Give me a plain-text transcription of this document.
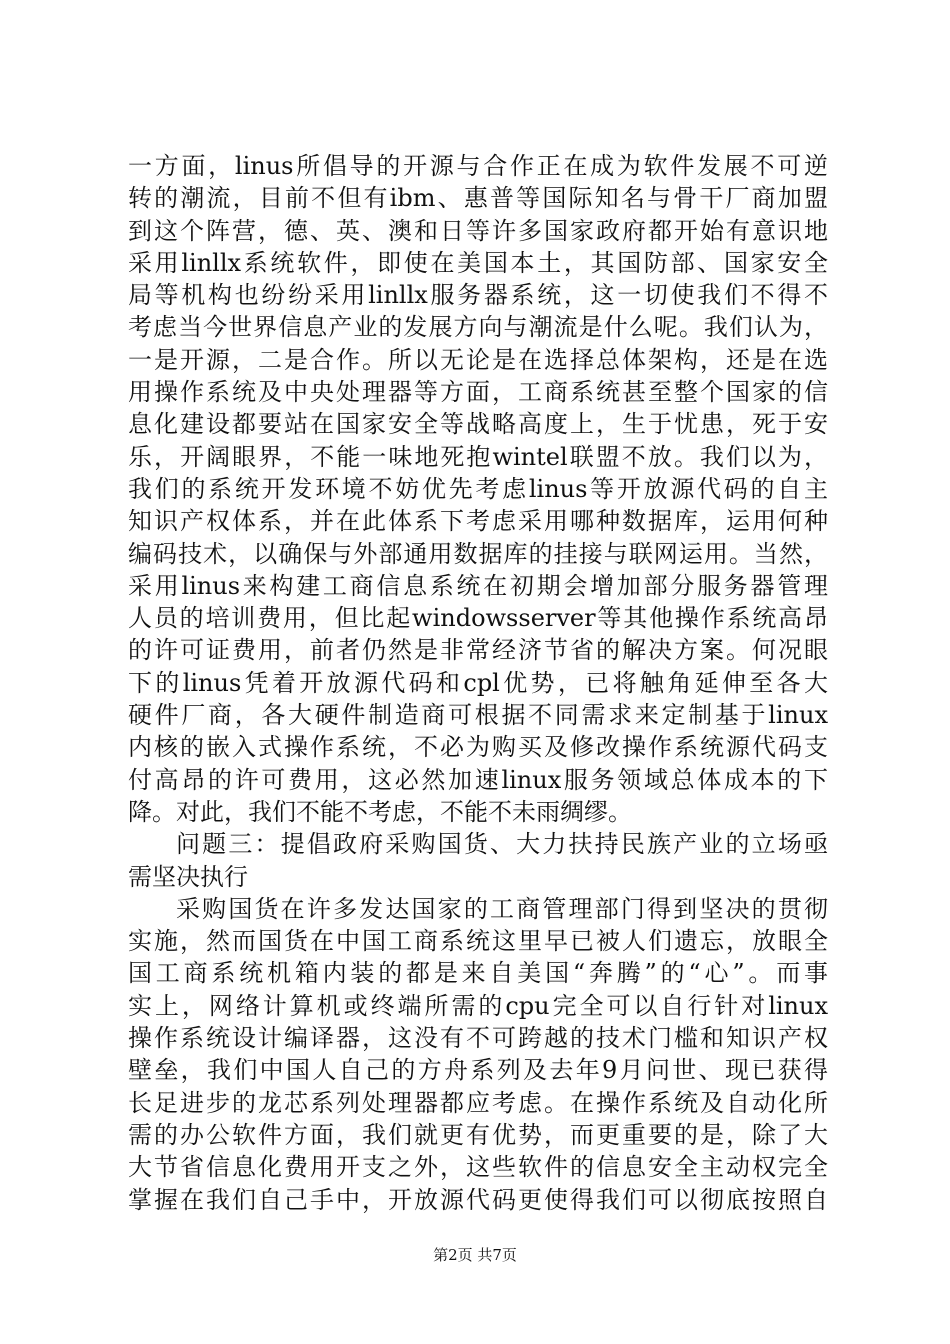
一方面，linus所倡导的开源与合作正在成为软件发展不可逆
转的潮流，目前不但有ibm、惠普等国际知名与骨干厂商加盟
到这个阵营，德、英、澳和日等许多国家政府都开始有意识地
采用linllx系统软件，即使在美国本土，其国防部、国家安全
局等机构也纷纷采用linllx服务器系统，这一切使我们不得不
考虑当今世界信息产业的发展方向与潮流是什么呢。我们认为，
一是开源，二是合作。所以无论是在选择总体架构，还是在选
用操作系统及中央处理器等方面，工商系统甚至整个国家的信
息化建设都要站在国家安全等战略高度上，生于忧患，死于安
乐，开阔眼界，不能一味地死抱wintel联盟不放。我们以为，
我们的系统开发环境不妨优先考虑linus等开放源代码的自主
知识产权体系，并在此体系下考虑采用哪种数据库，运用何种
编码技术，以确保与外部通用数据库的挂接与联网运用。当然，
采用linus来构建工商信息系统在初期会增加部分服务器管理
人员的培训费用，但比起windowsserver等其他操作系统高昂
的许可证费用，前者仍然是非常经济节省的解决方案。何况眼
下的linus凭着开放源代码和cpl优势，已将触角延伸至各大
硬件厂商，各大硬件制造商可根据不同需求来定制基于linux
内核的嵌入式操作系统，不必为购买及修改操作系统源代码支
付高昂的许可费用，这必然加速linux服务领域总体成本的下
降。对此，我们不能不考虑，不能不未雨绸缪。
问题三：提倡政府采购国货、大力扶持民族产业的立场亟
需坚决执行
采购国货在许多发达国家的工商管理部门得到坚决的贯彻
实施，然而国货在中国工商系统这里早已被人们遗忘，放眼全
国工商系统机箱内装的都是来自美国“奔腾”的“心”。而事
实上，网络计算机或终端所需的cpu完全可以自行针对linux
操作系统设计编译器，这没有不可跨越的技术门槛和知识产权
壁垒，我们中国人自己的方舟系列及去年9月问世、现已获得
长足进步的龙芯系列处理器都应考虑。在操作系统及自动化所
需的办公软件方面，我们就更有优势，而更重要的是，除了大
大节省信息化费用开支之外，这些软件的信息安全主动权完全
掌握在我们自己手中，开放源代码更使得我们可以彻底按照自
第2页 共7页
